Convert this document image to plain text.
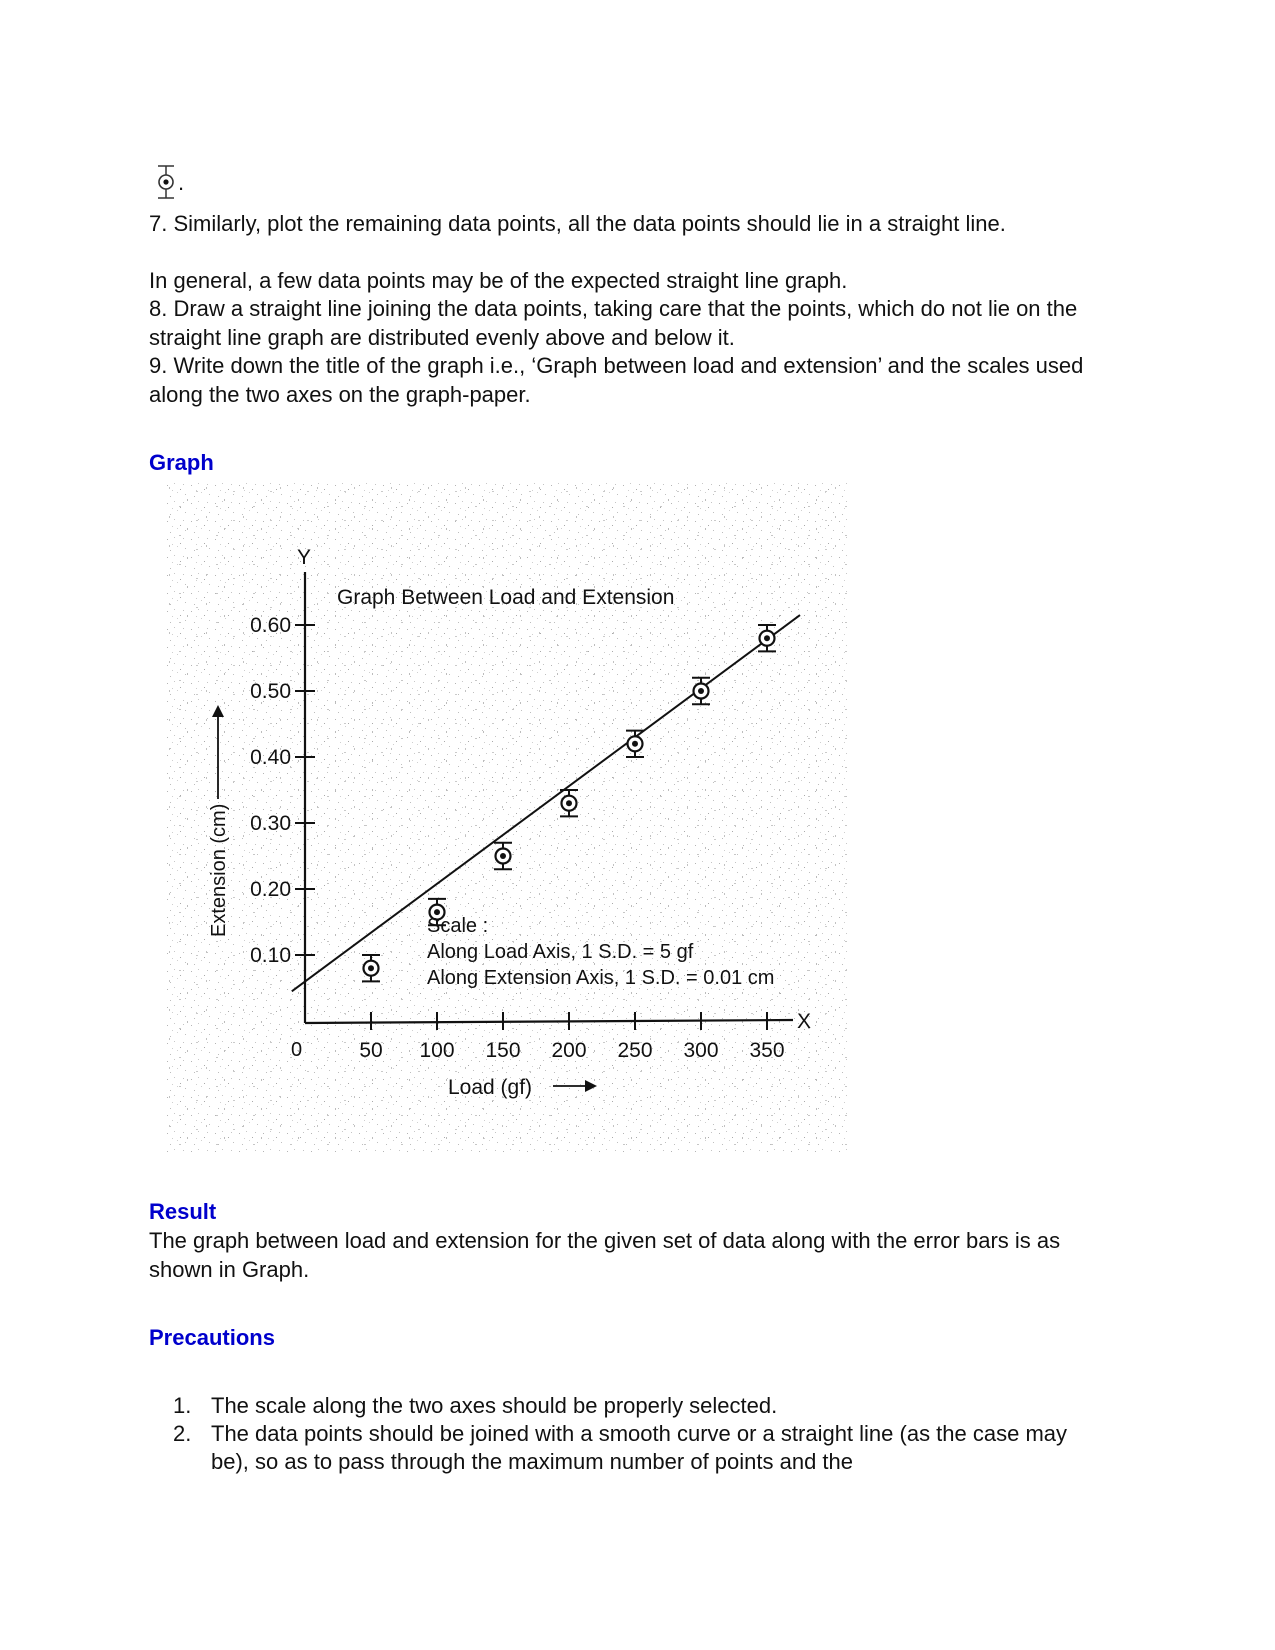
.

7. Similarly, plot the remaining data points, all the data points should lie in a straight line.

In general, a few data points may be of the expected straight line graph.

8. Draw a straight line joining the data points, taking care that the points, which do not lie on the straight line graph are distributed evenly above and below it.

9. Write down the title of the graph i.e., ‘Graph between load and extension’ and the scales used along the two axes on the graph-paper.

Graph
50 100 150 200 250 300 350
0.10
0.20
0.30
0.40
0.50
0.60
Y
X
0
Graph Between Load and Extension
Scale :
Along Load Axis, 1 S.D. = 5 gf
Along Extension Axis, 1 S.D. = 0.01 cm
Load (gf)
Extension (cm)
Result

The graph between load and extension for the given set of data along with the error bars is as shown in Graph.

Precautions
1. The scale along the two axes should be properly selected.
2. The data points should be joined with a smooth curve or a straight line (as the case may be), so as to pass through the maximum number of points and the
